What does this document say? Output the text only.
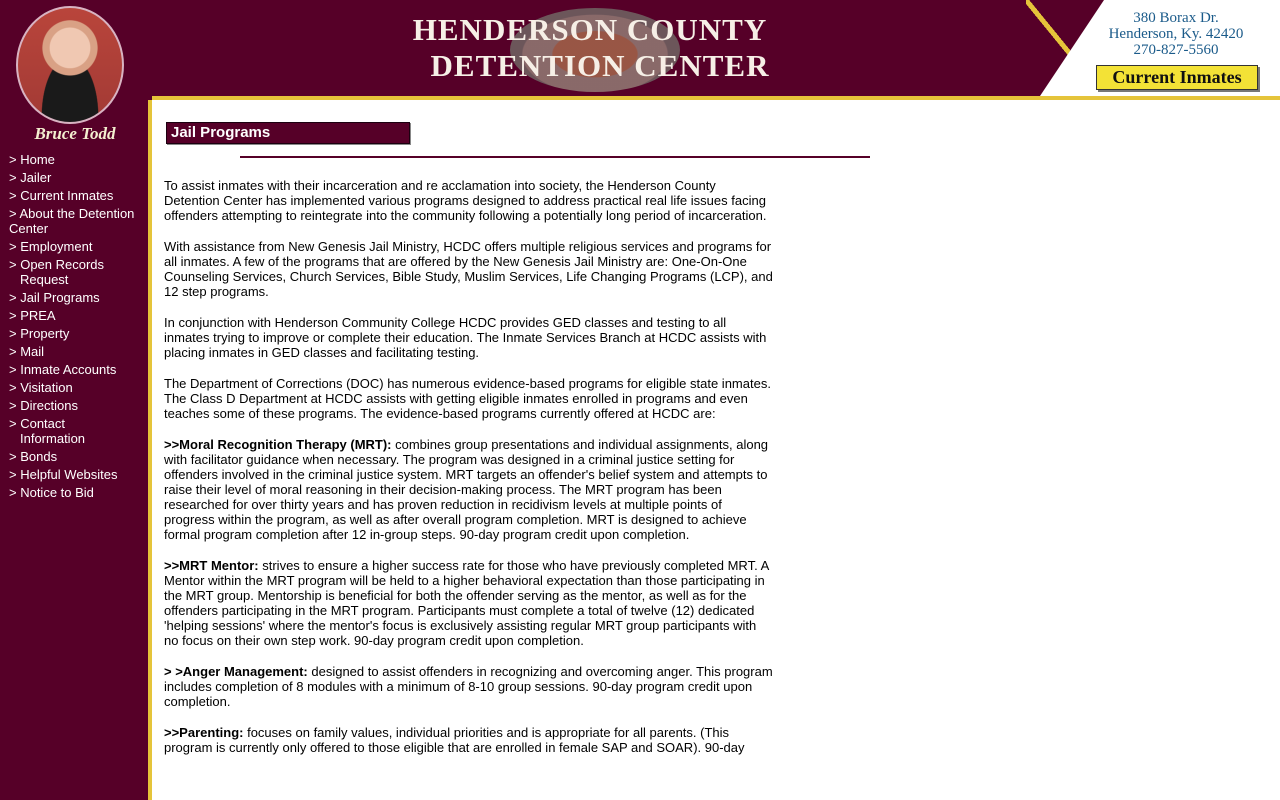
HENDERSON COUNTY
DETENTION CENTER
Bruce Todd
380 Borax Dr.
Henderson, Ky. 42420
270-827-5560
Current Inmates
> Home
> Jailer
> Current Inmates
> About the Detention Center
> Employment
> Open Records
Request
> Jail Programs
> PREA
> Property
> Mail
> Inmate Accounts
> Visitation
> Directions
> Contact
Information
> Bonds
> Helpful Websites
> Notice to Bid
Jail Programs

To assist inmates with their incarceration and re acclamation into society, the Henderson County Detention Center has implemented various programs designed to address practical real life issues facing offenders attempting to reintegrate into the community following a potentially long period of incarceration.

With assistance from New Genesis Jail Ministry, HCDC offers multiple religious services and programs for all inmates. A few of the programs that are offered by the New Genesis Jail Ministry are: One-On-One Counseling Services, Church Services, Bible Study, Muslim Services, Life Changing Programs (LCP), and 12 step programs.

In conjunction with Henderson Community College HCDC provides GED classes and testing to all inmates trying to improve or complete their education. The Inmate Services Branch at HCDC assists with placing inmates in GED classes and facilitating testing.

The Department of Corrections (DOC) has numerous evidence-based programs for eligible state inmates. The Class D Department at HCDC assists with getting eligible inmates enrolled in programs and even teaches some of these programs. The evidence-based programs currently offered at HCDC are:

>>Moral Recognition Therapy (MRT): combines group presentations and individual assignments, along with facilitator guidance when necessary. The program was designed in a criminal justice setting for offenders involved in the criminal justice system. MRT targets an offender's belief system and attempts to raise their level of moral reasoning in their decision-making process. The MRT program has been researched for over thirty years and has proven reduction in recidivism levels at multiple points of progress within the program, as well as after overall program completion. MRT is designed to achieve formal program completion after 12 in-group steps. 90-day program credit upon completion.

>>MRT Mentor: strives to ensure a higher success rate for those who have previously completed MRT. A Mentor within the MRT program will be held to a higher behavioral expectation than those participating in the MRT group. Mentorship is beneficial for both the offender serving as the mentor, as well as for the offenders participating in the MRT program. Participants must complete a total of twelve (12) dedicated 'helping sessions' where the mentor's focus is exclusively assisting regular MRT group participants with no focus on their own step work. 90-day program credit upon completion.

> >Anger Management: designed to assist offenders in recognizing and overcoming anger. This program includes completion of 8 modules with a minimum of 8-10 group sessions. 90-day program credit upon completion.

>>Parenting: focuses on family values, individual priorities and is appropriate for all parents. (This program is currently only offered to those eligible that are enrolled in female SAP and SOAR). 90-day
